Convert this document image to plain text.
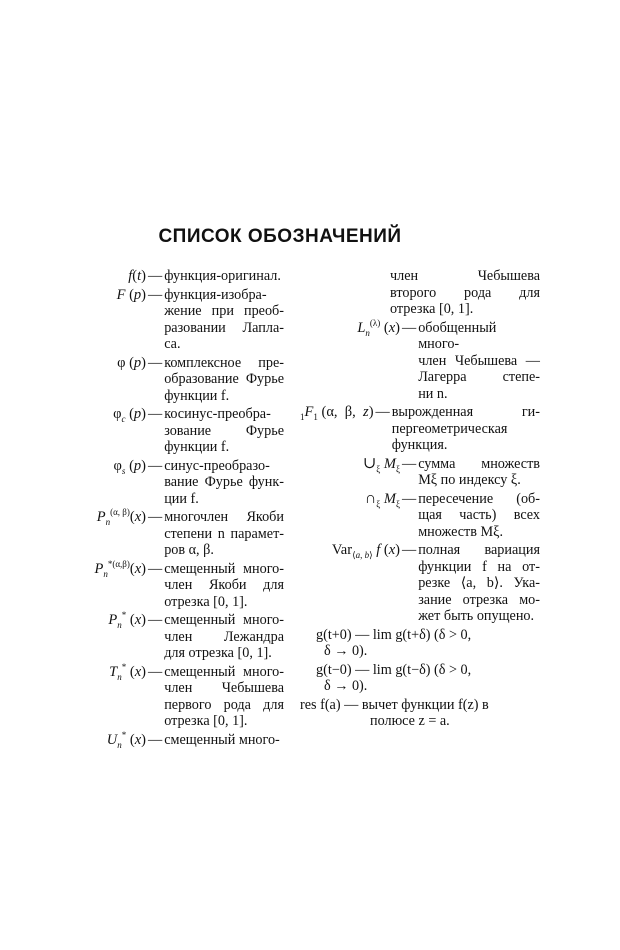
СПИСОК ОБОЗНАЧЕНИЙ
f(t) — функция-оригинал.
F (p) — функция-изобра-
жение при преоб-
разовании Лапла-
са.
φ (p) — комплексное пре-
образование Фурье
функции f.
$\varphi_c$ (p) — косинус-преобра-
зование Фурье
функции f.
$\varphi_s$ (p) — синус-преобразо-
вание Фурье функ-
ции f.
$P_n^{(\alpha, \beta)}(x)$ — многочлен Якоби
степени n парамет-
ров α, β.
$P_n^{*(\alpha,\beta)}(x)$ — смещенный много-
член Якоби для
отрезка [0, 1].
$P_n^*$ (x) — смещенный много-
член Лежандра
для отрезка [0, 1].
$T_n^*$ (x) — смещенный много-
член Чебышева
первого рода для
отрезка [0, 1].
$U_n^*$ (x) — смещенный много-
член Чебышева
второго рода для
отрезка [0, 1].
$L_n^{(\lambda)}$ (x) — обобщенный много-
член Чебышева —
Лагерра степе-
ни n.
$_1F_1$ (α,  β,  z) — вырожденная ги-
пергеометрическая
функция.
$\cup_\xi$ $M_\xi$ — сумма множеств
Mξ по индексу ξ.
$\cap_\xi$ $M_\xi$ — пересечение (об-
щая часть) всех
множеств Mξ.
Var$_{⟨a, b⟩}$ f (x) — полная вариация
функции f на от-
резке ⟨a, b⟩. Ука-
зание отрезка мо-
жет быть опущено.
g(t+0) — lim g(t+δ) (δ > 0,
δ → 0).
g(t−0) — lim g(t−δ) (δ > 0,
δ → 0).
res f(a) — вычет функции f(z) в
полюсе z = a.
